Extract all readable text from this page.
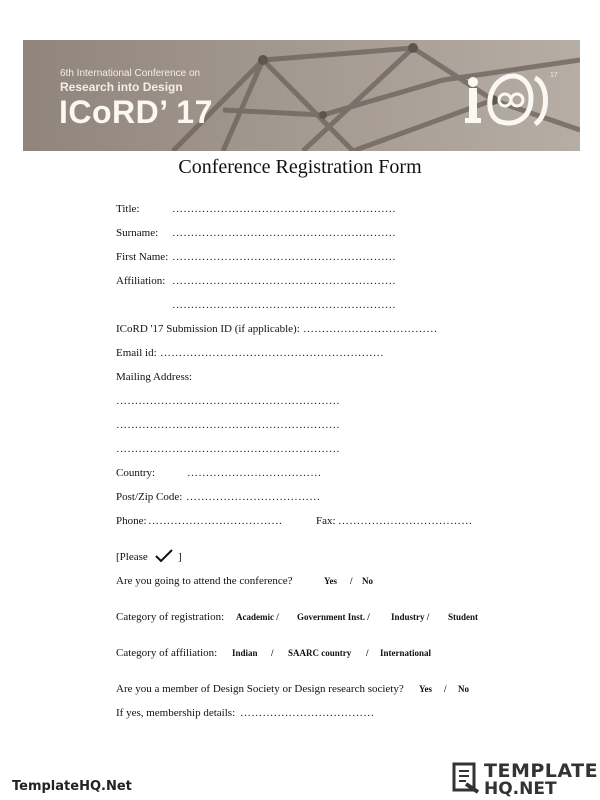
6th International Conference on
Research into Design
ICoRD’ 17
17
Conference Registration Form
Title:	……………………………………………………
Surname: ……………………………………………………
First Name: ……………………………………………………
Affiliation: ……………………………………………………
……………………………………………………
ICoRD '17 Submission ID (if applicable): ………………………………
Email id: ……………………………………………………
Mailing Address:
……………………………………………………
……………………………………………………
……………………………………………………
Country:	………………………………
Post/Zip Code: ………………………………
Phone: ………………………………	Fax: ………………………………
[Please	]
Are you going to attend the conference?	Yes / No
Category of registration: Academic / Government Inst. / Industry / Student
Category of affiliation: Indian / SAARC country / International
Are you a member of Design Society or Design research society? Yes / No
If yes, membership details: ………………………………
TemplateHQ.Net
TEMPLATE
HQ.NET
